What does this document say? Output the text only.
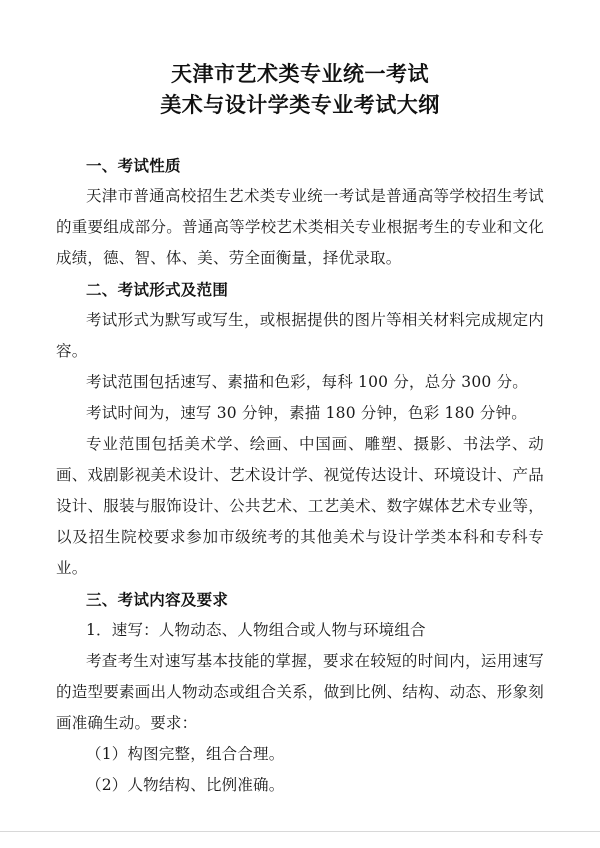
天津市艺术类专业统一考试
美术与设计学类专业考试大纲
一、考试性质

天津市普通高校招生艺术类专业统一考试是普通高等学校招生考试的重要组成部分。普通高等学校艺术类相关专业根据考生的专业和文化成绩，德、智、体、美、劳全面衡量，择优录取。

二、考试形式及范围

考试形式为默写或写生，或根据提供的图片等相关材料完成规定内容。

考试范围包括速写、素描和色彩，每科 100 分，总分 300 分。

考试时间为，速写 30 分钟，素描 180 分钟，色彩 180 分钟。

专业范围包括美术学、绘画、中国画、雕塑、摄影、书法学、动画、戏剧影视美术设计、艺术设计学、视觉传达设计、环境设计、产品设计、服装与服饰设计、公共艺术、工艺美术、数字媒体艺术专业等，以及招生院校要求参加市级统考的其他美术与设计学类本科和专科专业。

三、考试内容及要求

1．速写：人物动态、人物组合或人物与环境组合

考查考生对速写基本技能的掌握，要求在较短的时间内，运用速写的造型要素画出人物动态或组合关系，做到比例、结构、动态、形象刻画准确生动。要求：

（1）构图完整，组合合理。

（2）人物结构、比例准确。
